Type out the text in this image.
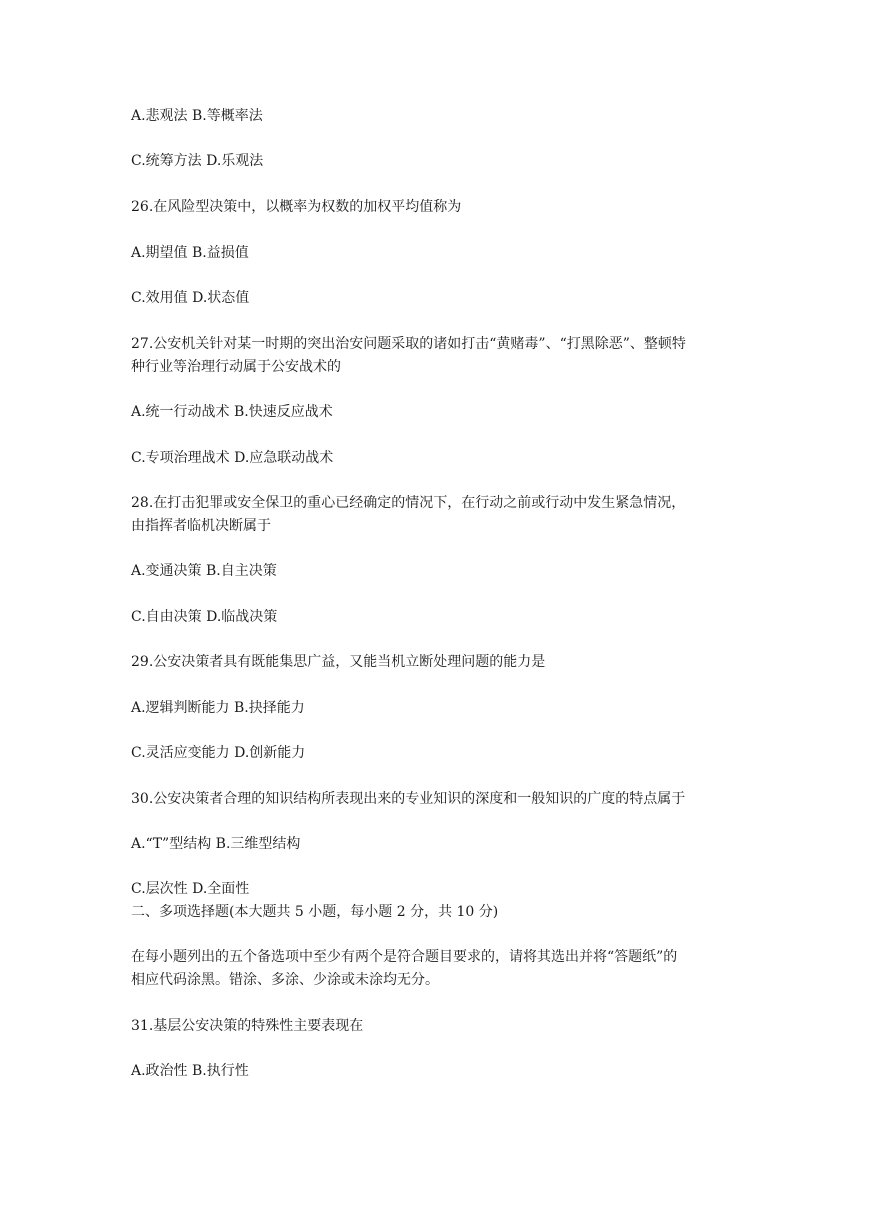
A.悲观法 B.等概率法
C.统筹方法 D.乐观法
26.在风险型决策中，以概率为权数的加权平均值称为
A.期望值 B.益损值
C.效用值 D.状态值
27.公安机关针对某一时期的突出治安问题采取的诸如打击“黄赌毒”、“打黑除恶”、整顿特
种行业等治理行动属于公安战术的
A.统一行动战术 B.快速反应战术
C.专项治理战术 D.应急联动战术
28.在打击犯罪或安全保卫的重心已经确定的情况下，在行动之前或行动中发生紧急情况，
由指挥者临机决断属于
A.变通决策 B.自主决策
C.自由决策 D.临战决策
29.公安决策者具有既能集思广益，又能当机立断处理问题的能力是
A.逻辑判断能力 B.抉择能力
C.灵活应变能力 D.创新能力
30.公安决策者合理的知识结构所表现出来的专业知识的深度和一般知识的广度的特点属于
A.“T”型结构 B.三维型结构
C.层次性 D.全面性
二、多项选择题(本大题共 5 小题，每小题 2 分，共 10 分)
在每小题列出的五个备选项中至少有两个是符合题目要求的，请将其选出并将“答题纸”的
相应代码涂黑。错涂、多涂、少涂或未涂均无分。
31.基层公安决策的特殊性主要表现在
A.政治性 B.执行性
